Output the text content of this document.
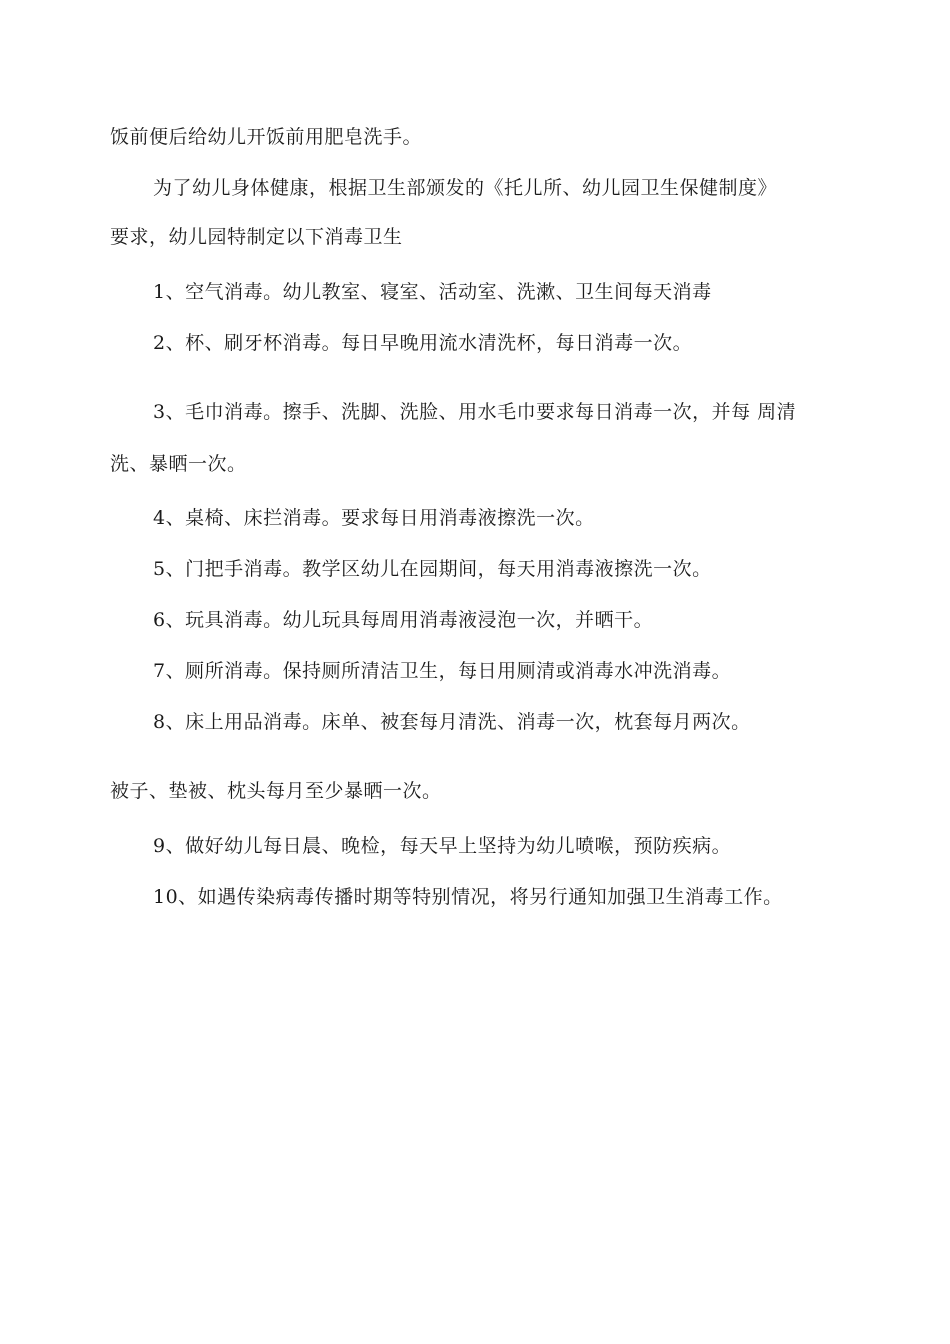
饭前便后给幼儿开饭前用肥皂洗手。
为了幼儿身体健康，根据卫生部颁发的《托儿所、幼儿园卫生保健制度》
要求，幼儿园特制定以下消毒卫生
1、空气消毒。幼儿教室、寝室、活动室、洗漱、卫生间每天消毒
2、杯、刷牙杯消毒。每日早晚用流水清洗杯，每日消毒一次。
3、毛巾消毒。擦手、洗脚、洗脸、用水毛巾要求每日消毒一次，并每 周清
洗、暴晒一次。
4、桌椅、床拦消毒。要求每日用消毒液擦洗一次。
5、门把手消毒。教学区幼儿在园期间，每天用消毒液擦洗一次。
6、玩具消毒。幼儿玩具每周用消毒液浸泡一次，并晒干。
7、厕所消毒。保持厕所清洁卫生，每日用厕清或消毒水冲洗消毒。
8、床上用品消毒。床单、被套每月清洗、消毒一次，枕套每月两次。
被子、垫被、枕头每月至少暴晒一次。
9、做好幼儿每日晨、晚检，每天早上坚持为幼儿喷喉，预防疾病。
10、如遇传染病毒传播时期等特别情况，将另行通知加强卫生消毒工作。
